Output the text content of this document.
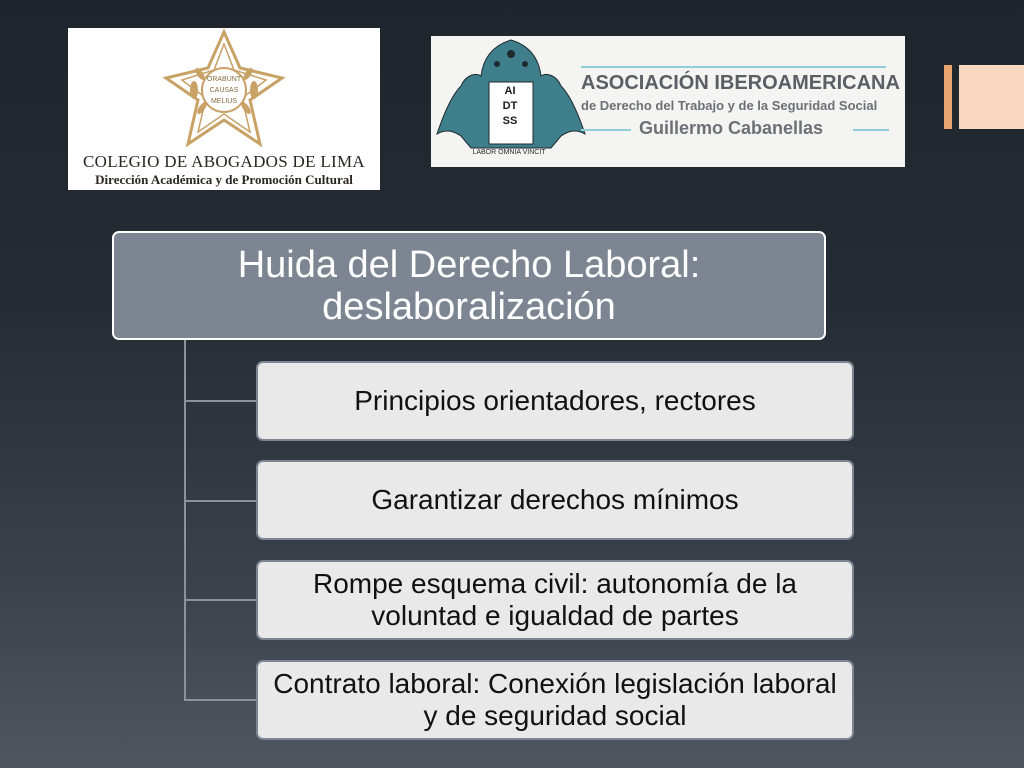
ORABUNT
CAUSAS
MELIUS
COLEGIO DE ABOGADOS DE LIMA
Dirección Académica y de Promoción Cultural
AI
DT
SS
LABOR OMNIA VINCIT
ASOCIACIÓN IBEROAMERICANA
de Derecho del Trabajo y de la Seguridad Social
Guillermo Cabanellas
Huida del Derecho Laboral: deslaboralización
Principios orientadores, rectores
Garantizar derechos mínimos
Rompe esquema civil: autonomía de la voluntad e igualdad de partes
Contrato laboral: Conexión legislación laboral y de seguridad social
